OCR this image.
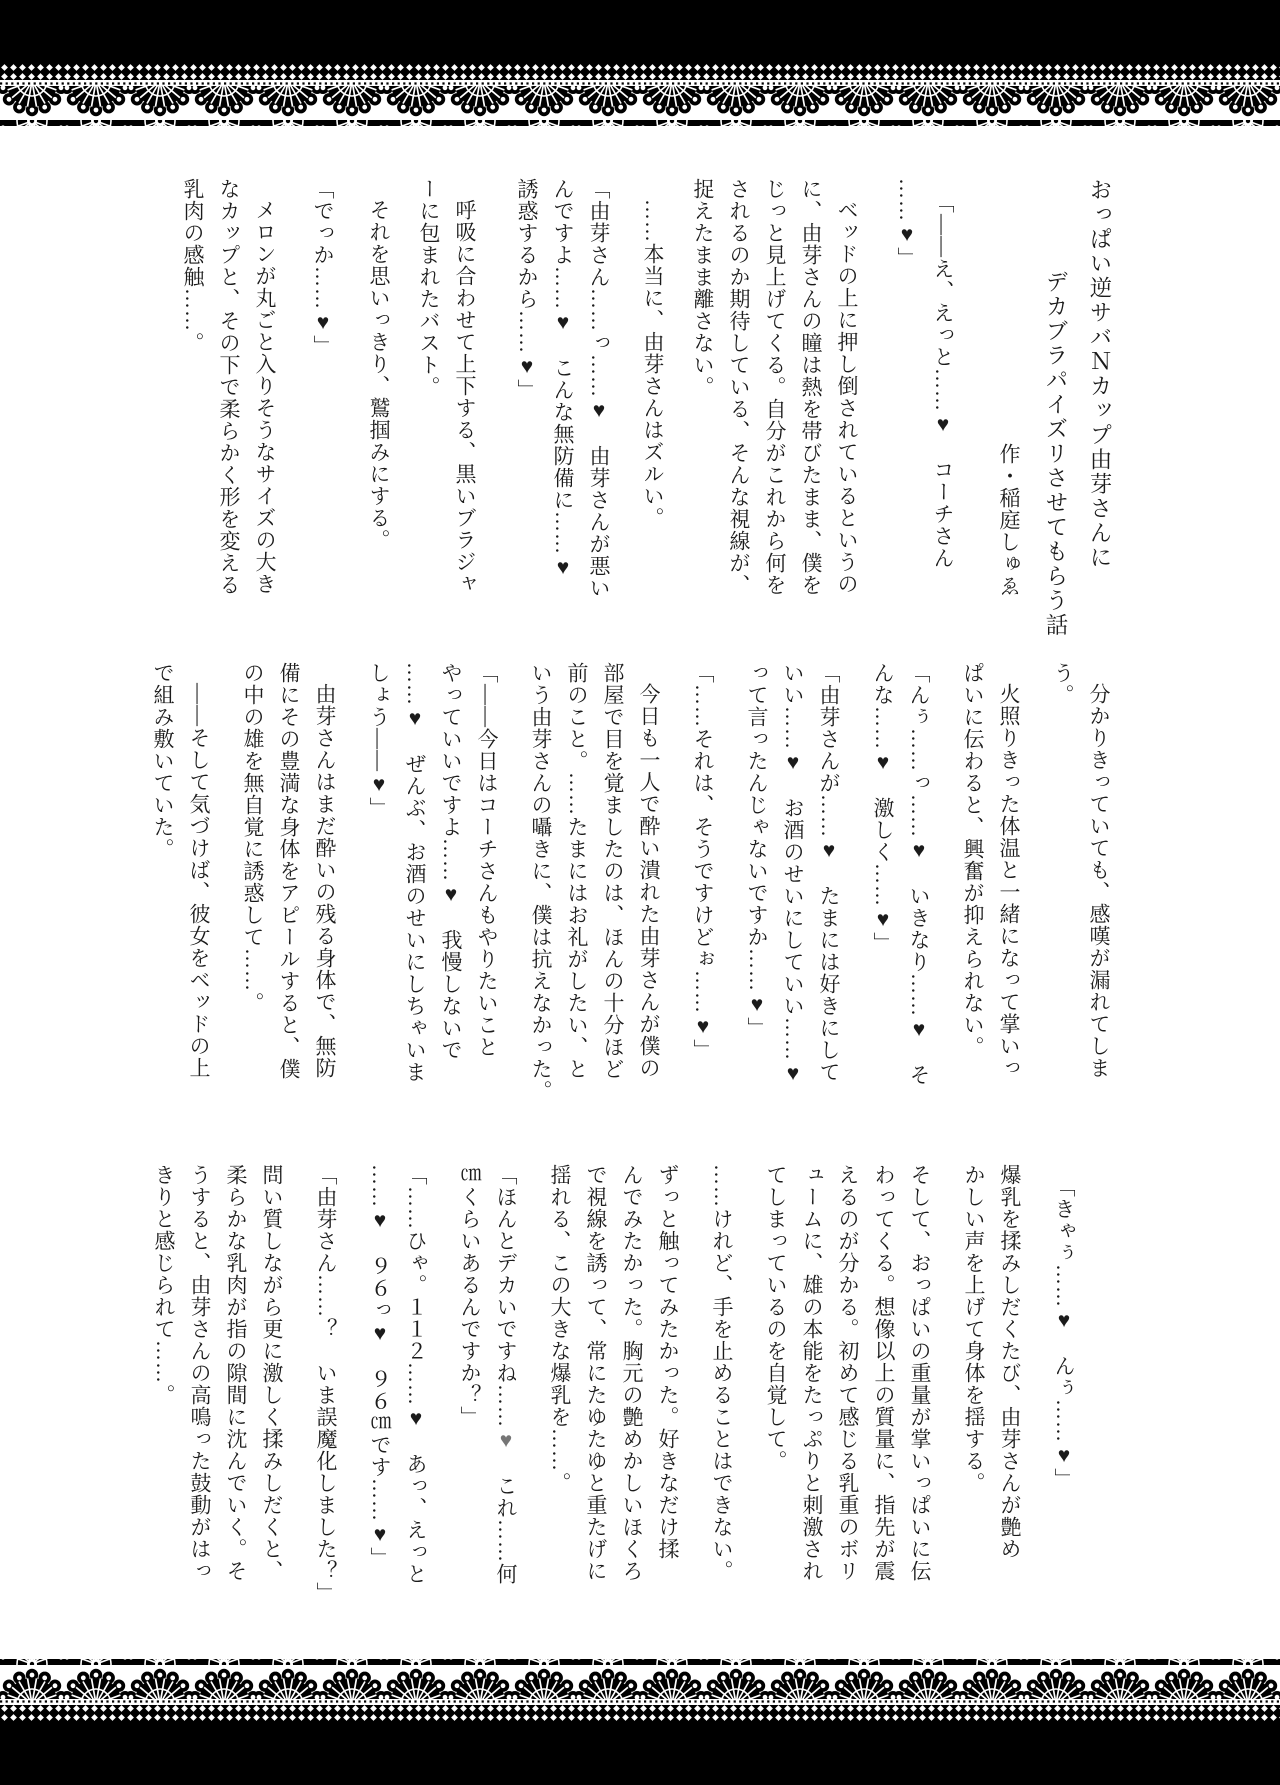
おっぱい逆サバＮカップ由芽さんに
デカブラパイズリさせてもらう話
作・稲庭しゅゑ
「――え、えっと……♥　コーチさん
……♥」
ベッドの上に押し倒されているというの
に、由芽さんの瞳は熱を帯びたまま、僕を
じっと見上げてくる。自分がこれから何を
されるのか期待している、そんな視線が、
捉えたまま離さない。
……本当に、由芽さんはズルい。
「由芽さん……っ……♥　由芽さんが悪い
んですよ……♥　こんな無防備に……♥
誘惑するから……♥」
呼吸に合わせて上下する、黒いブラジャ
ーに包まれたバスト。
それを思いっきり、鷲掴みにする。
「でっか……♥」
メロンが丸ごと入りそうなサイズの大き
なカップと、その下で柔らかく形を変える
乳肉の感触……。
分かりきっていても、感嘆が漏れてしま
う。
火照りきった体温と一緒になって掌いっ
ぱいに伝わると、興奮が抑えられない。
「んぅ……っ……♥　いきなり……♥　そ
んな……♥　激しく……♥」
「由芽さんが……♥　たまには好きにして
いい……♥　お酒のせいにしていい……♥
って言ったんじゃないですか……♥」
「……それは、そうですけどぉ……♥」
今日も一人で酔い潰れた由芽さんが僕の
部屋で目を覚ましたのは、ほんの十分ほど
前のこと。……たまにはお礼がしたい、と
いう由芽さんの囁きに、僕は抗えなかった。
「――今日はコーチさんもやりたいこと
やっていいですよ……♥　我慢しないで
……♥　ぜんぶ、お酒のせいにしちゃいま
しょう――♥」
由芽さんはまだ酔いの残る身体で、無防
備にその豊満な身体をアピールすると、僕
の中の雄を無自覚に誘惑して……。
――そして気づけば、彼女をベッドの上
で組み敷いていた。
「きゃぅ……♥　んぅ……♥」
爆乳を揉みしだくたび、由芽さんが艶め
かしい声を上げて身体を揺する。
そして、おっぱいの重量が掌いっぱいに伝
わってくる。想像以上の質量に、指先が震
えるのが分かる。初めて感じる乳重のボリ
ュームに、雄の本能をたっぷりと刺激され
てしまっているのを自覚して。
……けれど、手を止めることはできない。
ずっと触ってみたかった。好きなだけ揉
んでみたかった。胸元の艶めかしいほくろ
で視線を誘って、常にたゆたゆと重たげに
揺れる、この大きな爆乳を……。
「ほんとデカいですね……♥　これ……何
㎝くらいあるんですか？」
「……ひゃ。１１２……♥　あっ、えっと
……♥　９６っ♥　９６㎝です……♥」
「由芽さん……？　いま誤魔化しました？」
問い質しながら更に激しく揉みしだくと、
柔らかな乳肉が指の隙間に沈んでいく。そ
うすると、由芽さんの高鳴った鼓動がはっ
きりと感じられて……。
